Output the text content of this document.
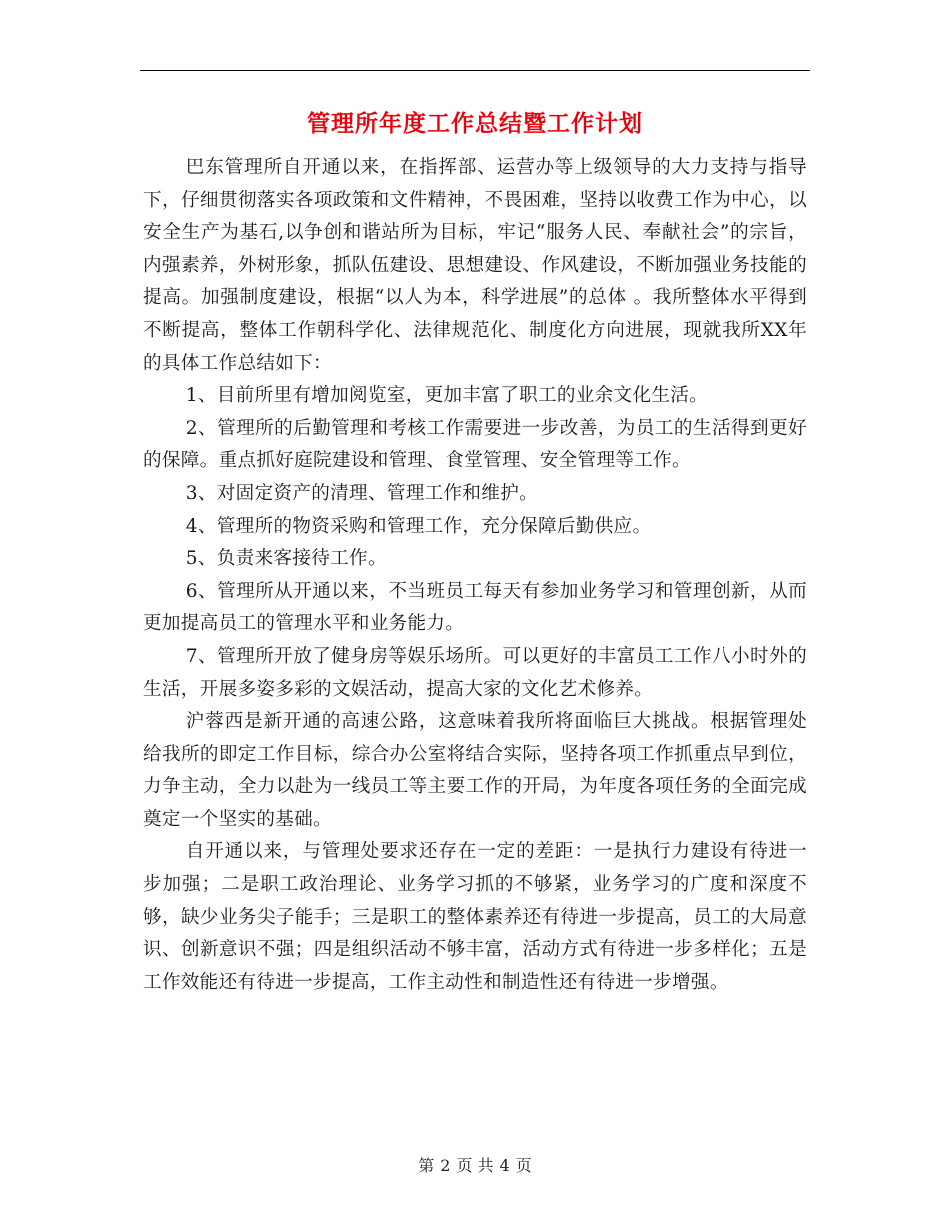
管理所年度工作总结暨工作计划

巴东管理所自开通以来，在指挥部、运营办等上级领导的大力支持与指导下，仔细贯彻落实各项政策和文件精神，不畏困难，坚持以收费工作为中心，以安全生产为基石,以争创和谐站所为目标，牢记“服务人民、奉献社会”的宗旨，内强素养，外树形象，抓队伍建设、思想建设、作风建设，不断加强业务技能的提高。加强制度建设，根据“以人为本，科学进展”的总体 。我所整体水平得到不断提高，整体工作朝科学化、法律规范化、制度化方向进展，现就我所XX年的具体工作总结如下：

1、目前所里有增加阅览室，更加丰富了职工的业余文化生活。

2、管理所的后勤管理和考核工作需要进一步改善，为员工的生活得到更好的保障。重点抓好庭院建设和管理、食堂管理、安全管理等工作。

3、对固定资产的清理、管理工作和维护。

4、管理所的物资采购和管理工作，充分保障后勤供应。

5、负责来客接待工作。

6、管理所从开通以来，不当班员工每天有参加业务学习和管理创新，从而更加提高员工的管理水平和业务能力。

7、管理所开放了健身房等娱乐场所。可以更好的丰富员工工作八小时外的生活，开展多姿多彩的文娱活动，提高大家的文化艺术修养。

沪蓉西是新开通的高速公路，这意味着我所将面临巨大挑战。根据管理处给我所的即定工作目标，综合办公室将结合实际，坚持各项工作抓重点早到位，力争主动，全力以赴为一线员工等主要工作的开局，为年度各项任务的全面完成奠定一个坚实的基础。

自开通以来，与管理处要求还存在一定的差距：一是执行力建设有待进一步加强；二是职工政治理论、业务学习抓的不够紧，业务学习的广度和深度不够，缺少业务尖子能手；三是职工的整体素养还有待进一步提高，员工的大局意识、创新意识不强；四是组织活动不够丰富，活动方式有待进一步多样化；五是工作效能还有待进一步提高，工作主动性和制造性还有待进一步增强。

第 2 页 共 4 页
